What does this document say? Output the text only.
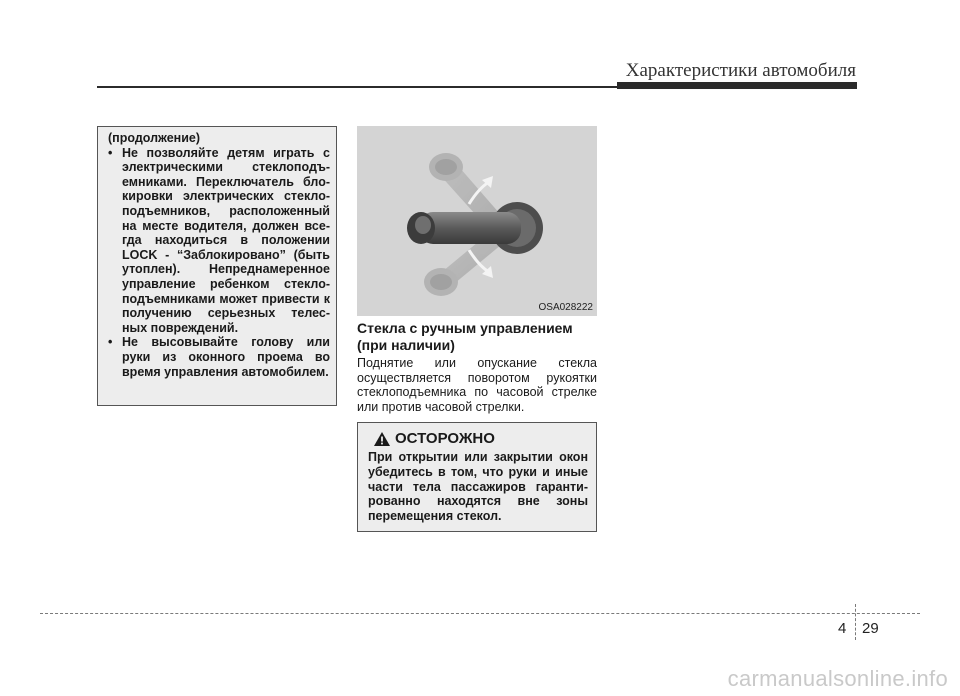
Характеристики автомобиля

(продолжение)

• Не позволяйте детям играть с электрическими стеклоподъ-емниками. Переключатель бло-кировки электрических стекло-подъемников, расположенный на месте водителя, должен все-гда находиться в положении LOCK - “Заблокировано” (быть утоплен). Непреднамеренное управление ребенком стекло-подъемниками может привести к получению серьезных телес-ных повреждений.
• Не высовывайте голову или руки из оконного проема во время управления автомобилем.
OSA028222
Стекла с ручным управлением (при наличии)

Поднятие или опускание стекла осуществляется поворотом рукоятки стеклоподъемника по часовой стрелке или против часовой стрелки.

ОСТОРОЖНО

При открытии или закрытии окон убедитесь в том, что руки и иные части тела пассажиров гаранти-рованно находятся вне зоны перемещения стекол.

4 29
carmanualsonline.info
